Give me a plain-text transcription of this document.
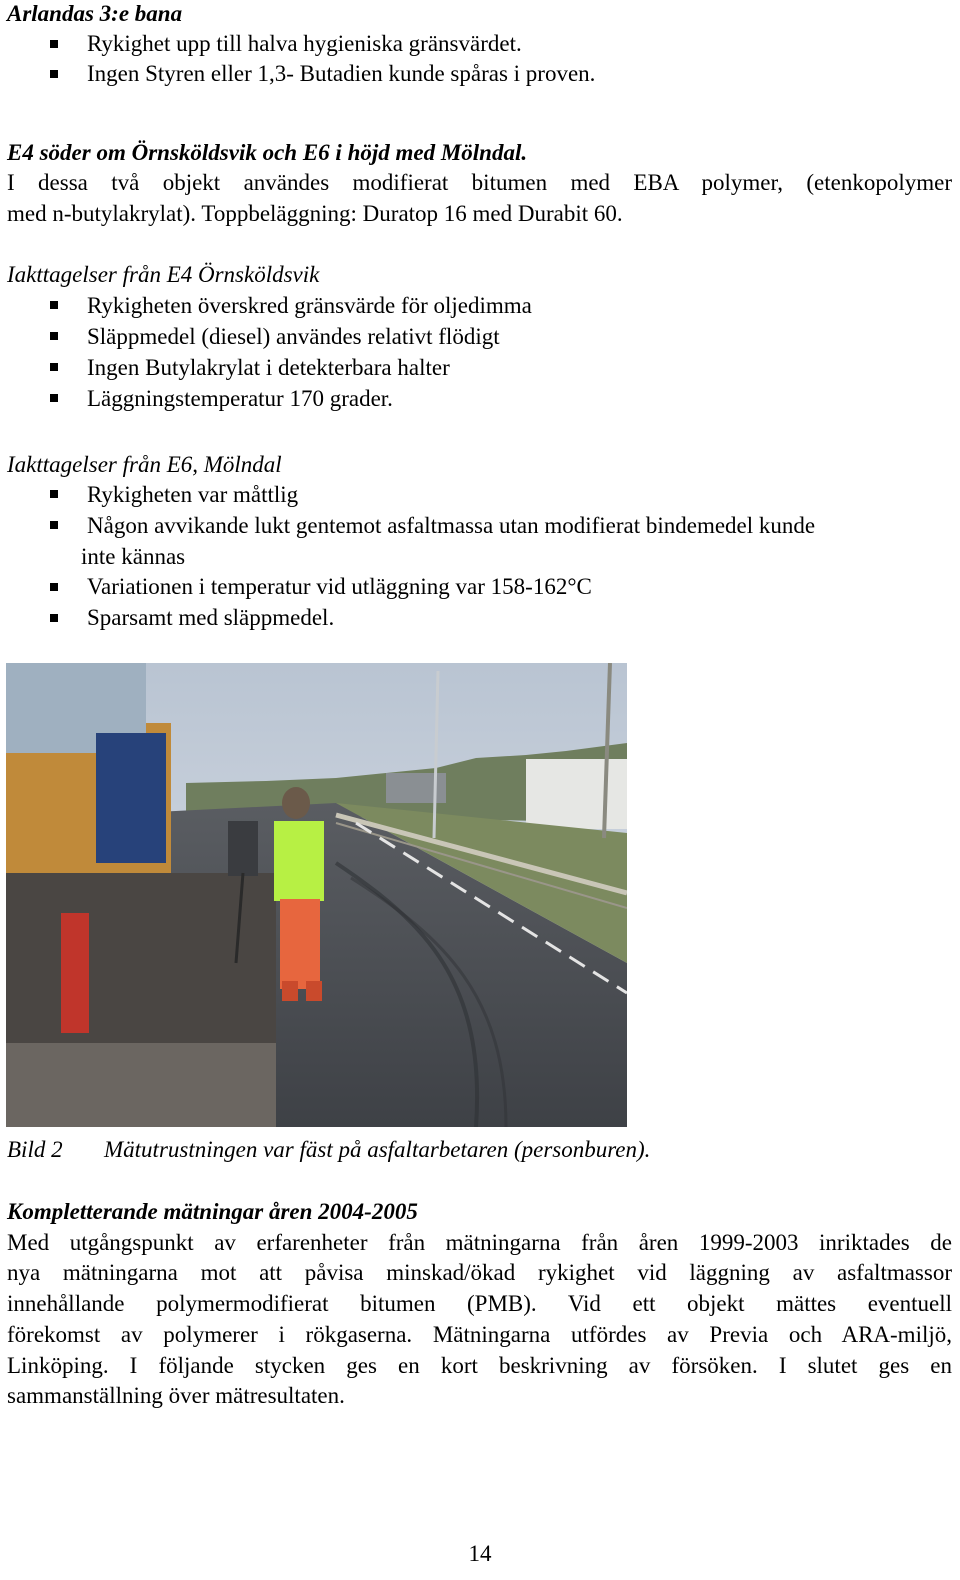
Arlandas 3:e bana
Rykighet upp till halva hygieniska gränsvärdet.
Ingen Styren eller 1,3- Butadien kunde spåras i proven.
E4 söder om Örnsköldsvik och E6 i höjd med Mölndal.
I dessa två objekt användes modifierat bitumen med EBA polymer, (etenkopolymer
med n-butylakrylat). Toppbeläggning: Duratop 16 med Durabit 60.
Iakttagelser från E4 Örnsköldsvik
Rykigheten överskred gränsvärde för oljedimma
Släppmedel (diesel) användes relativt flödigt
Ingen Butylakrylat i detekterbara halter
Läggningstemperatur 170 grader.
Iakttagelser från E6, Mölndal
Rykigheten var måttlig
Någon avvikande lukt gentemot asfaltmassa utan modifierat bindemedel kunde
inte kännas
Variationen i temperatur vid utläggning var 158-162°C
Sparsamt med släppmedel.
Bild 2 Mätutrustningen var fäst på asfaltarbetaren (personburen).
Kompletterande mätningar åren 2004-2005
Med utgångspunkt av erfarenheter från mätningarna från åren 1999-2003 inriktades de
nya mätningarna mot att påvisa minskad/ökad rykighet vid läggning av asfaltmassor
innehållande polymermodifierat bitumen (PMB). Vid ett objekt mättes eventuell
förekomst av polymerer i rökgaserna. Mätningarna utfördes av Previa och ARA-miljö,
Linköping. I följande stycken ges en kort beskrivning av försöken. I slutet ges en
sammanställning över mätresultaten.
14
